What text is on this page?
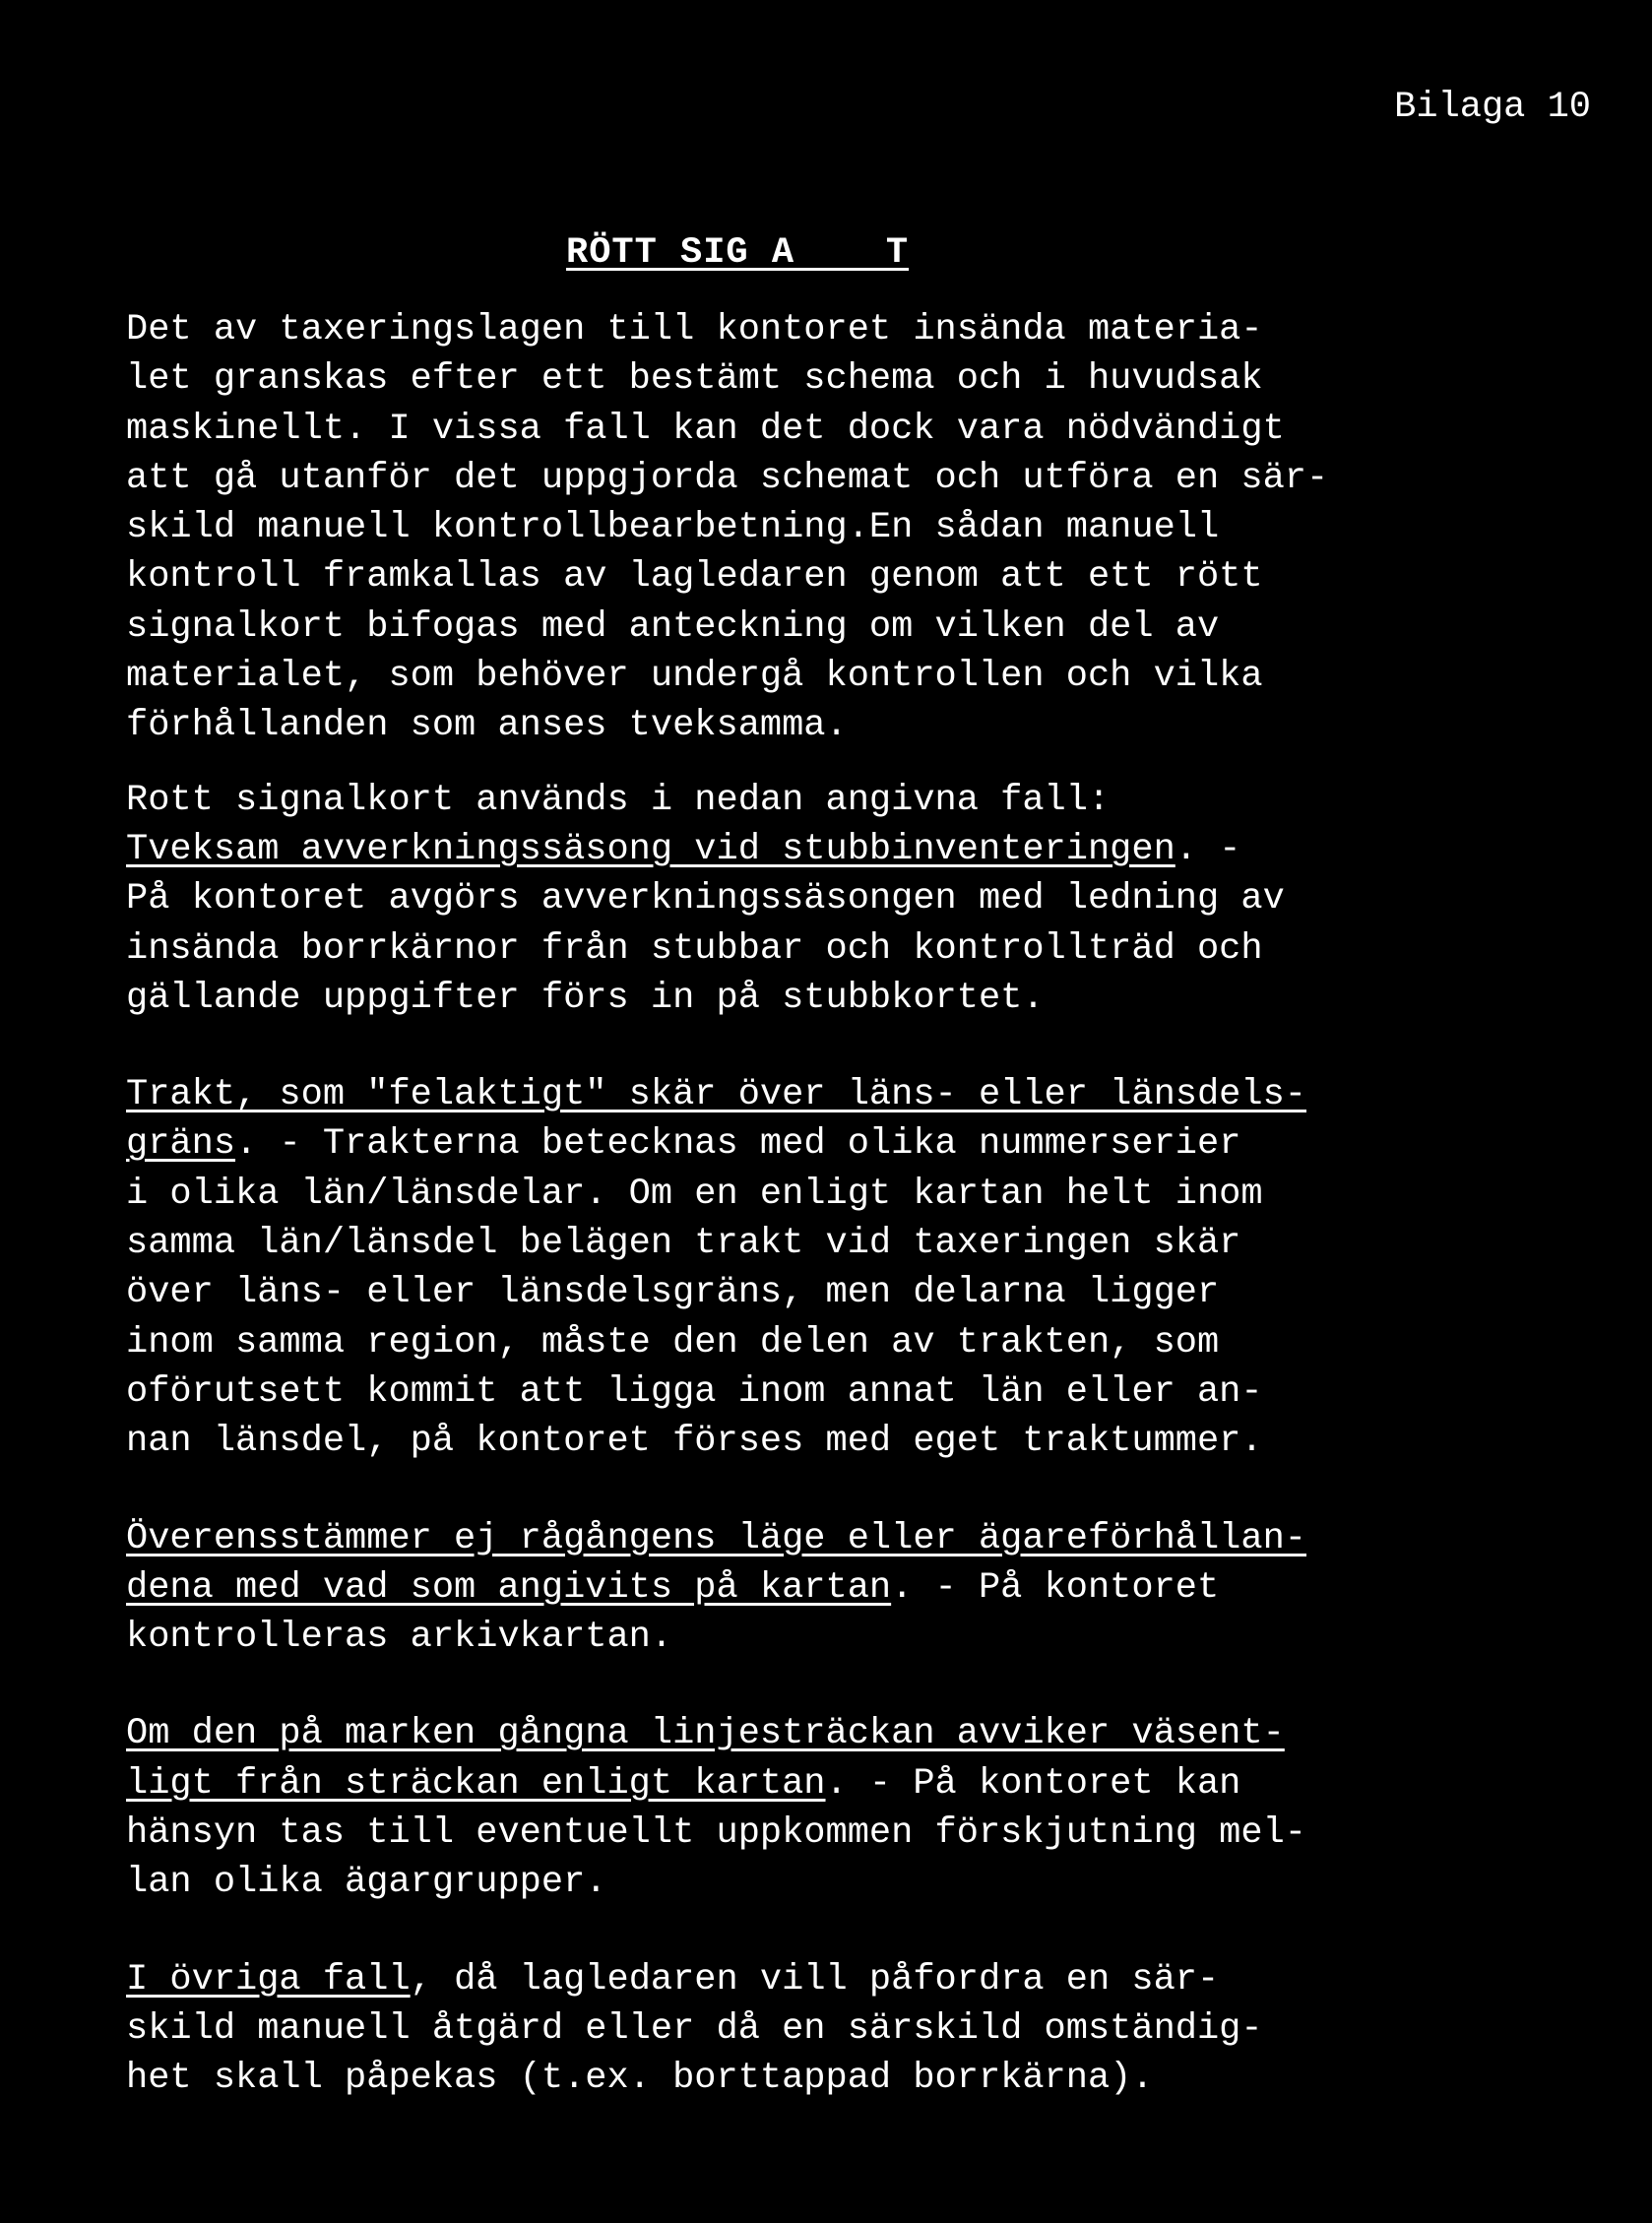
Bilaga 10

RÖTT SIG A    T

Det av taxeringslagen till kontoret insända materia-
let granskas efter ett bestämt schema och i huvudsak
maskinellt. I vissa fall kan det dock vara nödvändigt
att gå utanför det uppgjorda schemat och utföra en sär-
skild manuell kontrollbearbetning.En sådan manuell
kontroll framkallas av lagledaren genom att ett rött
signalkort bifogas med anteckning om vilken del av
materialet, som behöver undergå kontrollen och vilka
förhållanden som anses tveksamma.

Rott signalkort används i nedan angivna fall:
Tveksam avverkningssäsong vid stubbinventeringen. -
På kontoret avgörs avverkningssäsongen med ledning av
insända borrkärnor från stubbar och kontrollträd och
gällande uppgifter förs in på stubbkortet.

Trakt, som "felaktigt" skär över läns- eller länsdels-
gräns. - Trakterna betecknas med olika nummerserier
i olika län/länsdelar. Om en enligt kartan helt inom
samma län/länsdel belägen trakt vid taxeringen skär
över läns- eller länsdelsgräns, men delarna ligger
inom samma region, måste den delen av trakten, som
oförutsett kommit att ligga inom annat län eller an-
nan länsdel, på kontoret förses med eget traktummer.

Överensstämmer ej rågångens läge eller ägareförhållan-
dena med vad som angivits på kartan. - På kontoret
kontrolleras arkivkartan.

Om den på marken gångna linjesträckan avviker väsent-
ligt från sträckan enligt kartan. - På kontoret kan
hänsyn tas till eventuellt uppkommen förskjutning mel-
lan olika ägargrupper.

I övriga fall, då lagledaren vill påfordra en sär-
skild manuell åtgärd eller då en särskild omständig-
het skall påpekas (t.ex. borttappad borrkärna).
